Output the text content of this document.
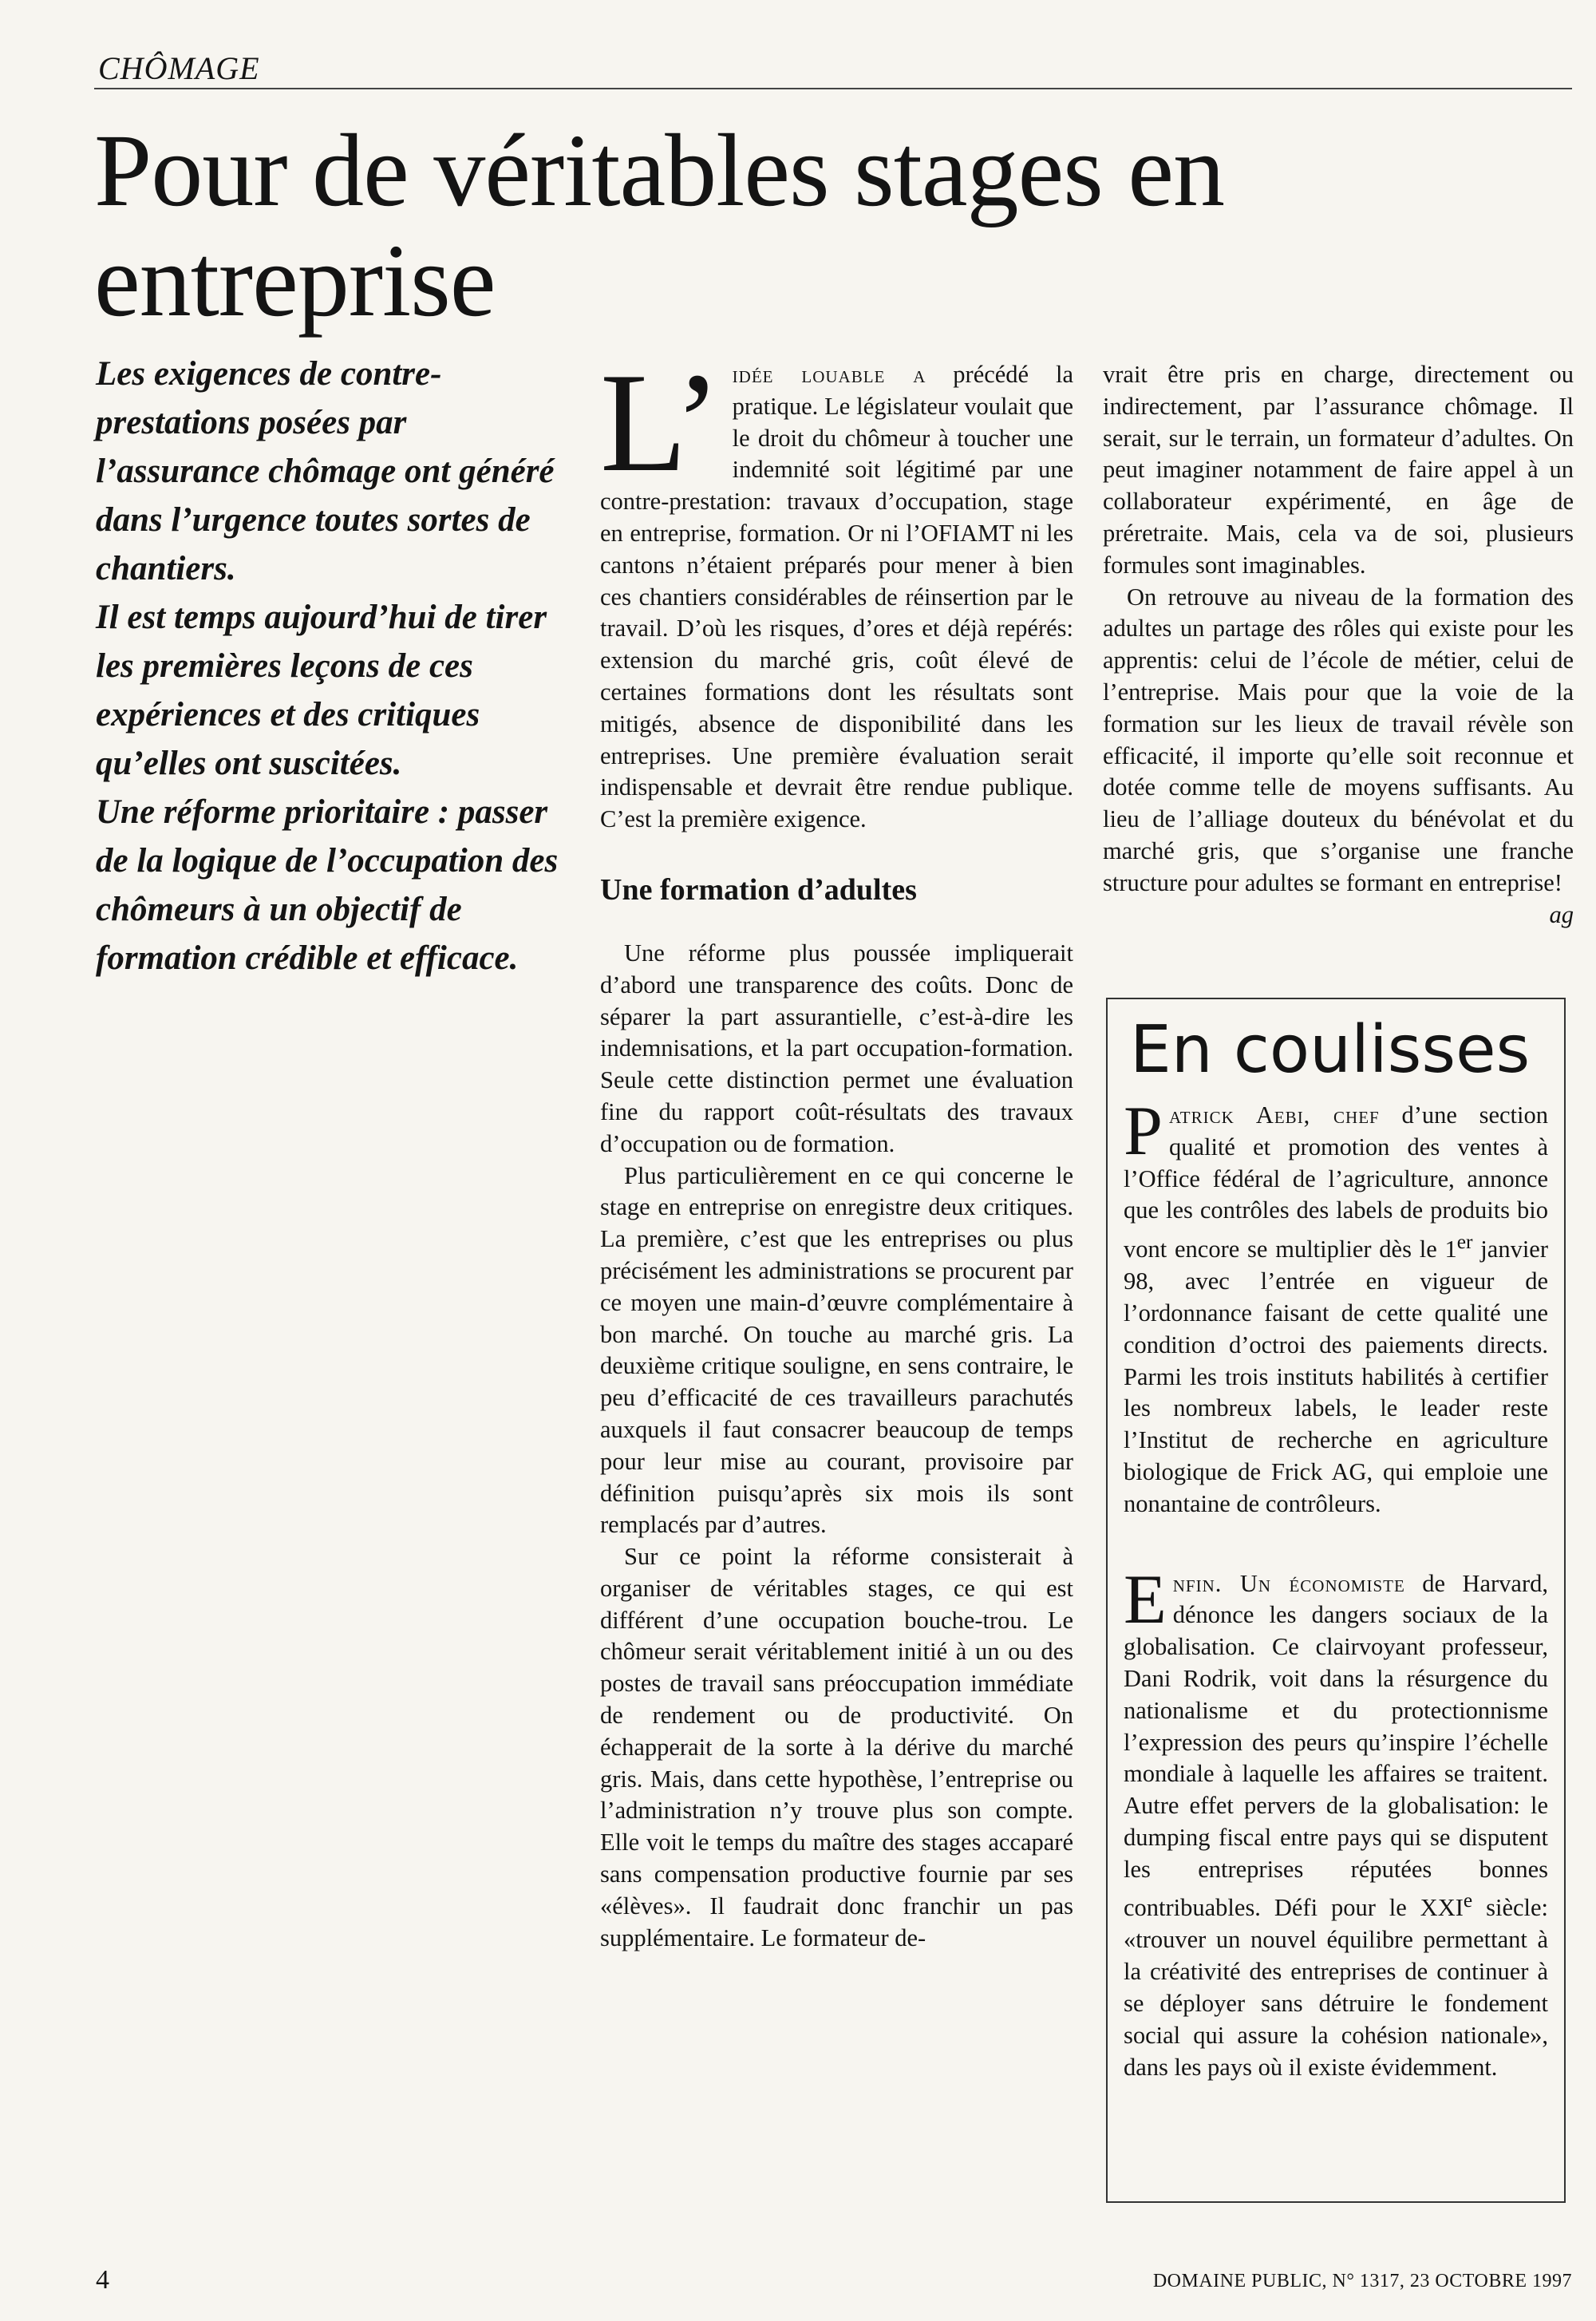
CHÔMAGE
Pour de véritables stages en entreprise

Les exigences de contre-prestations posées par l’assurance chômage ont généré dans l’urgence toutes sortes de chantiers.

Il est temps aujourd’hui de tirer les premières leçons de ces expériences et des critiques qu’elles ont suscitées.

Une réforme prioritaire : passer de la logique de l’occupation des chômeurs à un objectif de formation crédible et efficace.

L’ idée louable a précédé la pratique. Le législateur voulait que le droit du chômeur à toucher une indemnité soit légitimé par une contre-prestation: travaux d’occupation, stage en entreprise, formation. Or ni l’OFIAMT ni les cantons n’étaient préparés pour mener à bien ces chantiers considérables de réinsertion par le travail. D’où les risques, d’ores et déjà repérés: extension du marché gris, coût élevé de certaines formations dont les résultats sont mitigés, absence de disponibilité dans les entreprises. Une première évaluation serait indispensable et devrait être rendue publique. C’est la première exigence.

Une formation d’adultes

Une réforme plus poussée impliquerait d’abord une transparence des coûts. Donc de séparer la part assurantielle, c’est-à-dire les indemnisations, et la part occupation-formation. Seule cette distinction permet une évaluation fine du rapport coût-résultats des travaux d’occupation ou de formation.

Plus particulièrement en ce qui concerne le stage en entreprise on enregistre deux critiques. La première, c’est que les entreprises ou plus précisément les administrations se procurent par ce moyen une main-d’œuvre complémentaire à bon marché. On touche au marché gris. La deuxième critique souligne, en sens contraire, le peu d’efficacité de ces travailleurs parachutés auxquels il faut consacrer beaucoup de temps pour leur mise au courant, provisoire par définition puisqu’après six mois ils sont remplacés par d’autres.

Sur ce point la réforme consisterait à organiser de véritables stages, ce qui est différent d’une occupation bouche-trou. Le chômeur serait véritablement initié à un ou des postes de travail sans préoccupation immédiate de rendement ou de productivité. On échapperait de la sorte à la dérive du marché gris. Mais, dans cette hypothèse, l’entreprise ou l’administration n’y trouve plus son compte. Elle voit le temps du maître des stages accaparé sans compensation productive fournie par ses «élèves». Il faudrait donc franchir un pas supplémentaire. Le formateur de-

vrait être pris en charge, directement ou indirectement, par l’assurance chômage. Il serait, sur le terrain, un formateur d’adultes. On peut imaginer notamment de faire appel à un collaborateur expérimenté, en âge de préretraite. Mais, cela va de soi, plusieurs formules sont imaginables.

On retrouve au niveau de la formation des adultes un partage des rôles qui existe pour les apprentis: celui de l’école de métier, celui de l’entreprise. Mais pour que la voie de la formation sur les lieux de travail révèle son efficacité, il importe qu’elle soit reconnue et dotée comme telle de moyens suffisants. Au lieu de l’alliage douteux du bénévolat et du marché gris, que s’organise une franche structure pour adultes se formant en entreprise!
ag

En coulisses

Patrick Aebi, chef d’une section qualité et promotion des ventes à l’Office fédéral de l’agriculture, annonce que les contrôles des labels de produits bio vont encore se multiplier dès le 1er janvier 98, avec l’entrée en vigueur de l’ordonnance faisant de cette qualité une condition d’octroi des paiements directs. Parmi les trois instituts habilités à certifier les nombreux labels, le leader reste l’Institut de recherche en agriculture biologique de Frick AG, qui emploie une nonantaine de contrôleurs.

Enfin. Un économiste de Harvard, dénonce les dangers sociaux de la globalisation. Ce clairvoyant professeur, Dani Rodrik, voit dans la résurgence du nationalisme et du protectionnisme l’expression des peurs qu’inspire l’échelle mondiale à laquelle les affaires se traitent. Autre effet pervers de la globalisation: le dumping fiscal entre pays qui se disputent les entreprises réputées bonnes contribuables. Défi pour le XXIe siècle: «trouver un nouvel équilibre permettant à la créativité des entreprises de continuer à se déployer sans détruire le fondement social qui assure la cohésion nationale», dans les pays où il existe évidemment.

4	DOMAINE PUBLIC, N° 1317, 23 OCTOBRE 1997
